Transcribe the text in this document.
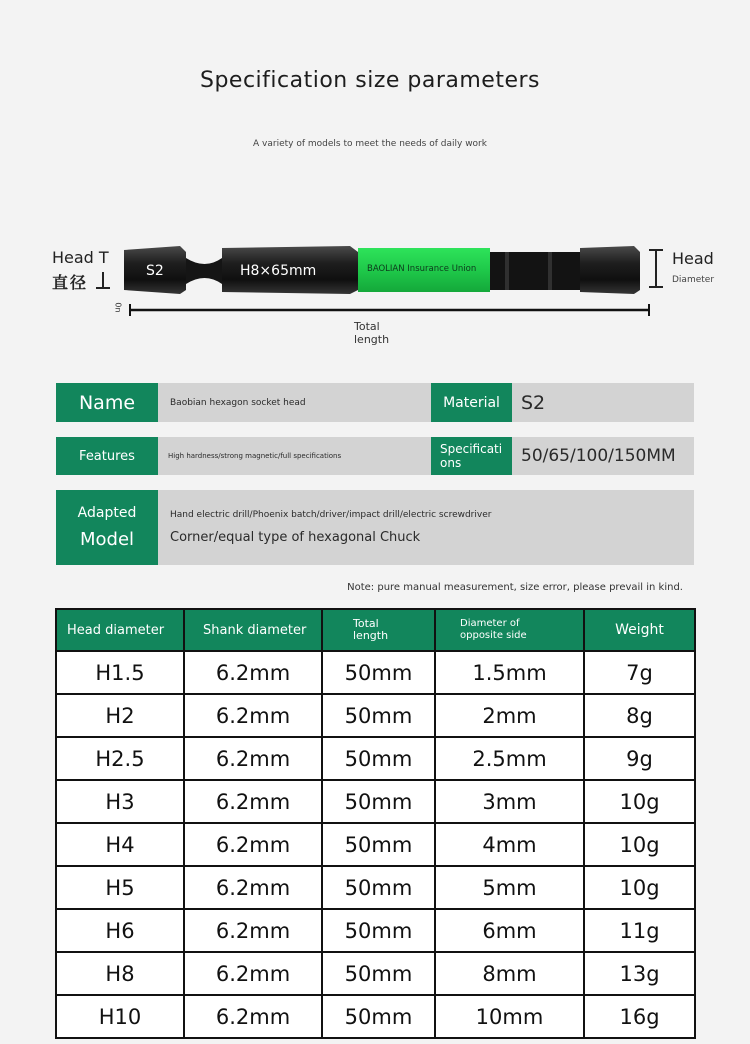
Specification size parameters
A variety of models to meet the needs of daily work
Head T
直径
Head
Diameter
Total length
0n
S2	H8×65mm	BAOLIAN Insurance Union
Name	Baobian hexagon socket head	Material	S2
Features	High hardness/strong magnetic/full specifications	Specifications	50/65/100/150MM
Adapted
Model
Hand electric drill/Phoenix batch/driver/impact drill/electric screwdriver
Corner/equal type of hexagonal Chuck
Note: pure manual measurement, size error, please prevail in kind.
Head diameter	Shank diameter	Total length	Diameter of opposite side	Weight
H1.5	6.2mm	50mm	1.5mm	7g
H2	6.2mm	50mm	2mm	8g
H2.5	6.2mm	50mm	2.5mm	9g
H3	6.2mm	50mm	3mm	10g
H4	6.2mm	50mm	4mm	10g
H5	6.2mm	50mm	5mm	10g
H6	6.2mm	50mm	6mm	11g
H8	6.2mm	50mm	8mm	13g
H10	6.2mm	50mm	10mm	16g
